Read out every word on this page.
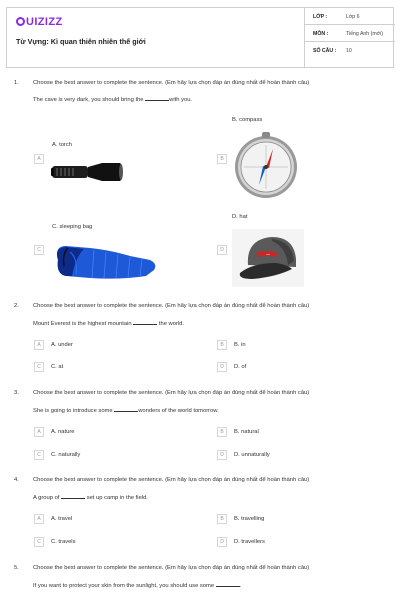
UIZIZZ
Từ Vựng: Kì quan thiên nhiên thế giới
LỚP :	Lớp 6
MÔN :	Tiếng Anh (mới)
SỐ CÂU : 10
1. Choose the best answer to complete the sentence. (Em hãy lựa chọn đáp án đúng nhất để hoàn thành câu)
The cave is very dark, you should bring the	with you.
A. torch
A
B. compass
B
C. sleeping bag
C
D. hat
D
⁓
2. Choose the best answer to complete the sentence. (Em hãy lựa chọn đáp án đúng nhất để hoàn thành câu)
Mount Everest is the highest mountain	the world.
A	A. under	B	B. in
C	C. at	D	D. of
3. Choose the best answer to complete the sentence. (Em hãy lựa chọn đáp án đúng nhất để hoàn thành câu)
She is going to introduce some	wonders of the world tomorrow.
A	A. nature	B	B. natural
C	C. naturally	D	D. unnaturally
4. Choose the best answer to complete the sentence. (Em hãy lựa chọn đáp án đúng nhất để hoàn thành câu)
A group of	set up camp in the field.
A	A. travel	B	B. travelling
C	C. travels	D	D. travellers
5. Choose the best answer to complete the sentence. (Em hãy lựa chọn đáp án đúng nhất để hoàn thành câu)
If you want to protect your skin from the sunlight, you should use some	.
